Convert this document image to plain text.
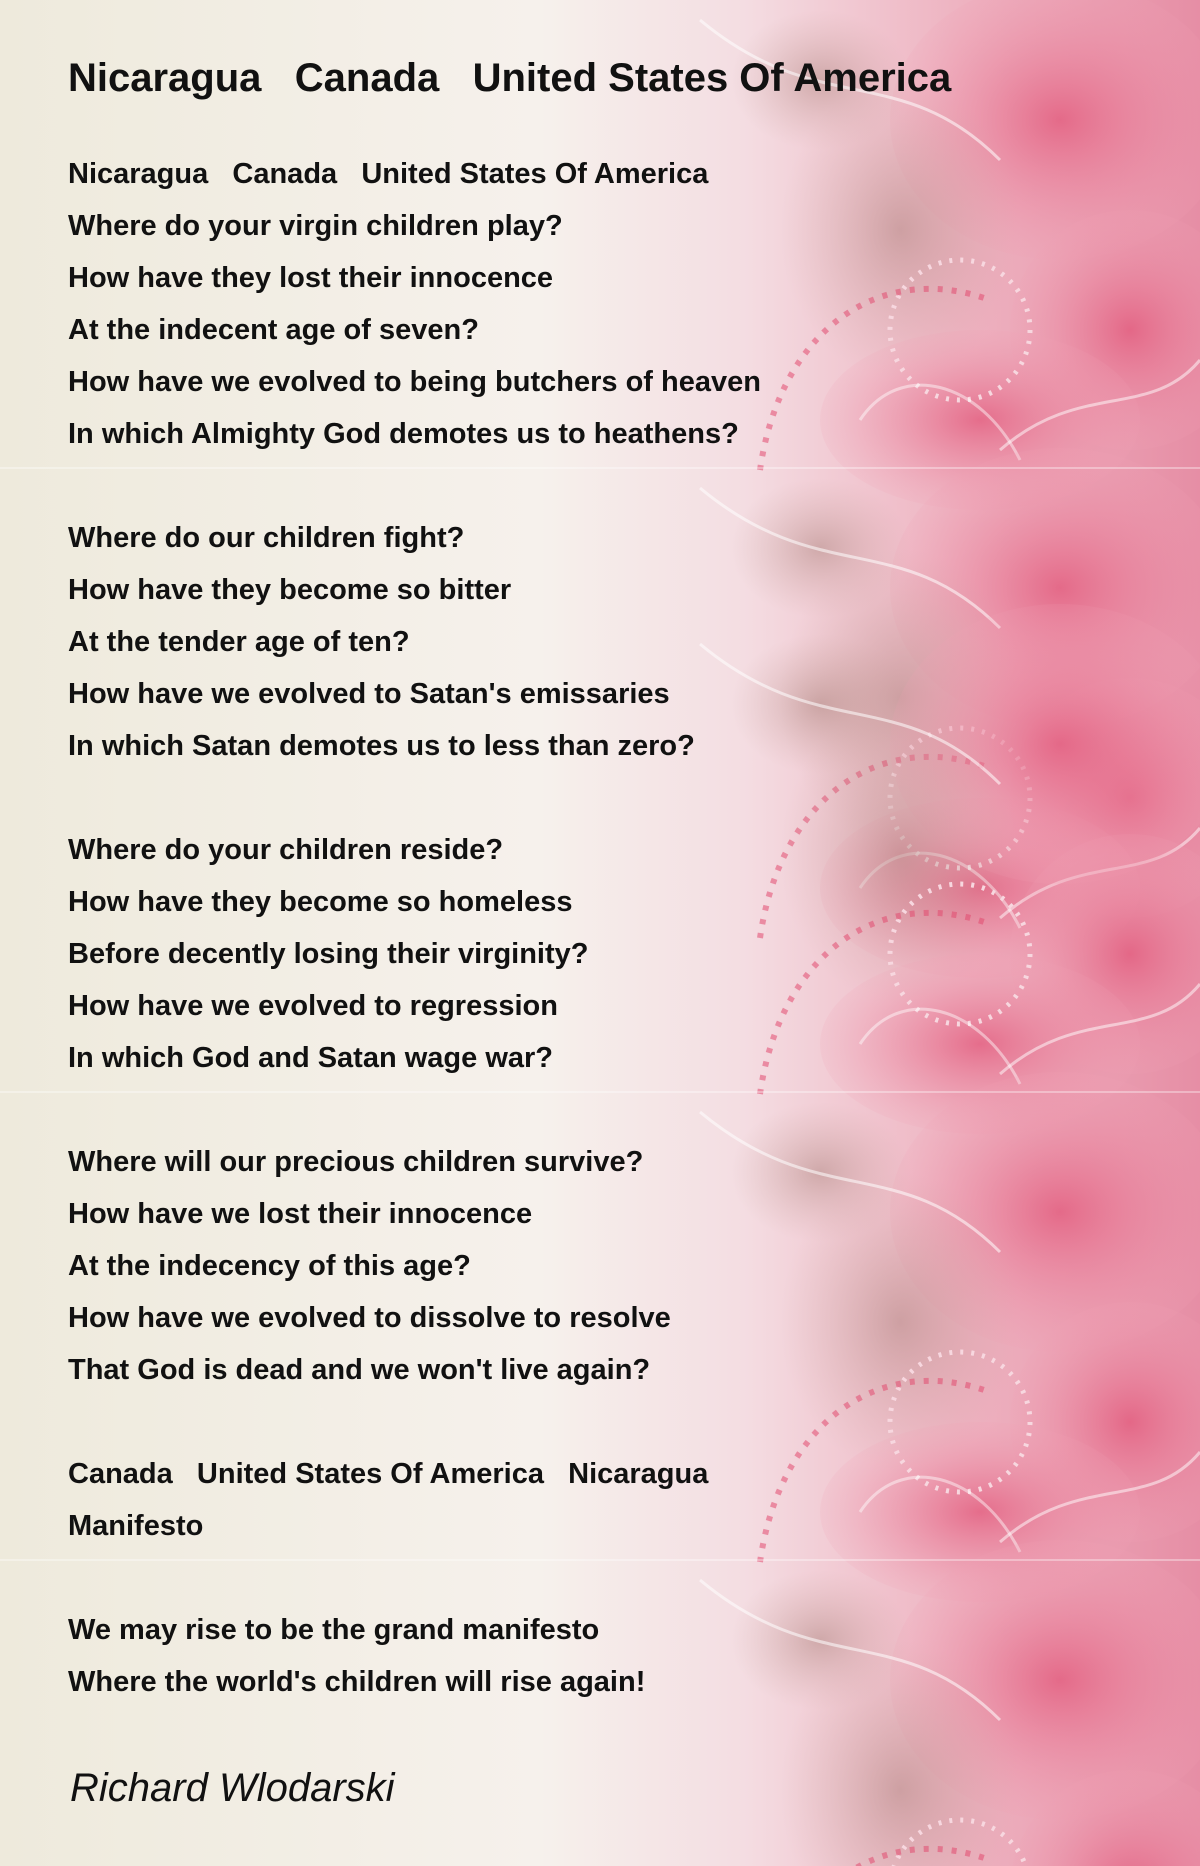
Nicaragua   Canada   United States Of America
Nicaragua   Canada   United States Of America
Where do your virgin children play?
How have they lost their innocence
At the indecent age of seven?
How have we evolved to being butchers of heaven
In which Almighty God demotes us to heathens?
Where do our children fight?
How have they become so bitter
At the tender age of ten?
How have we evolved to Satan's emissaries
In which Satan demotes us to less than zero?
Where do your children reside?
How have they become so homeless
Before decently losing their virginity?
How have we evolved to regression
In which God and Satan wage war?
Where will our precious children survive?
How have we lost their innocence
At the indecency of this age?
How have we evolved to dissolve to resolve
That God is dead and we won't live again?
Canada   United States Of America   Nicaragua
Manifesto
We may rise to be the grand manifesto
Where the world's children will rise again!

Richard Wlodarski
